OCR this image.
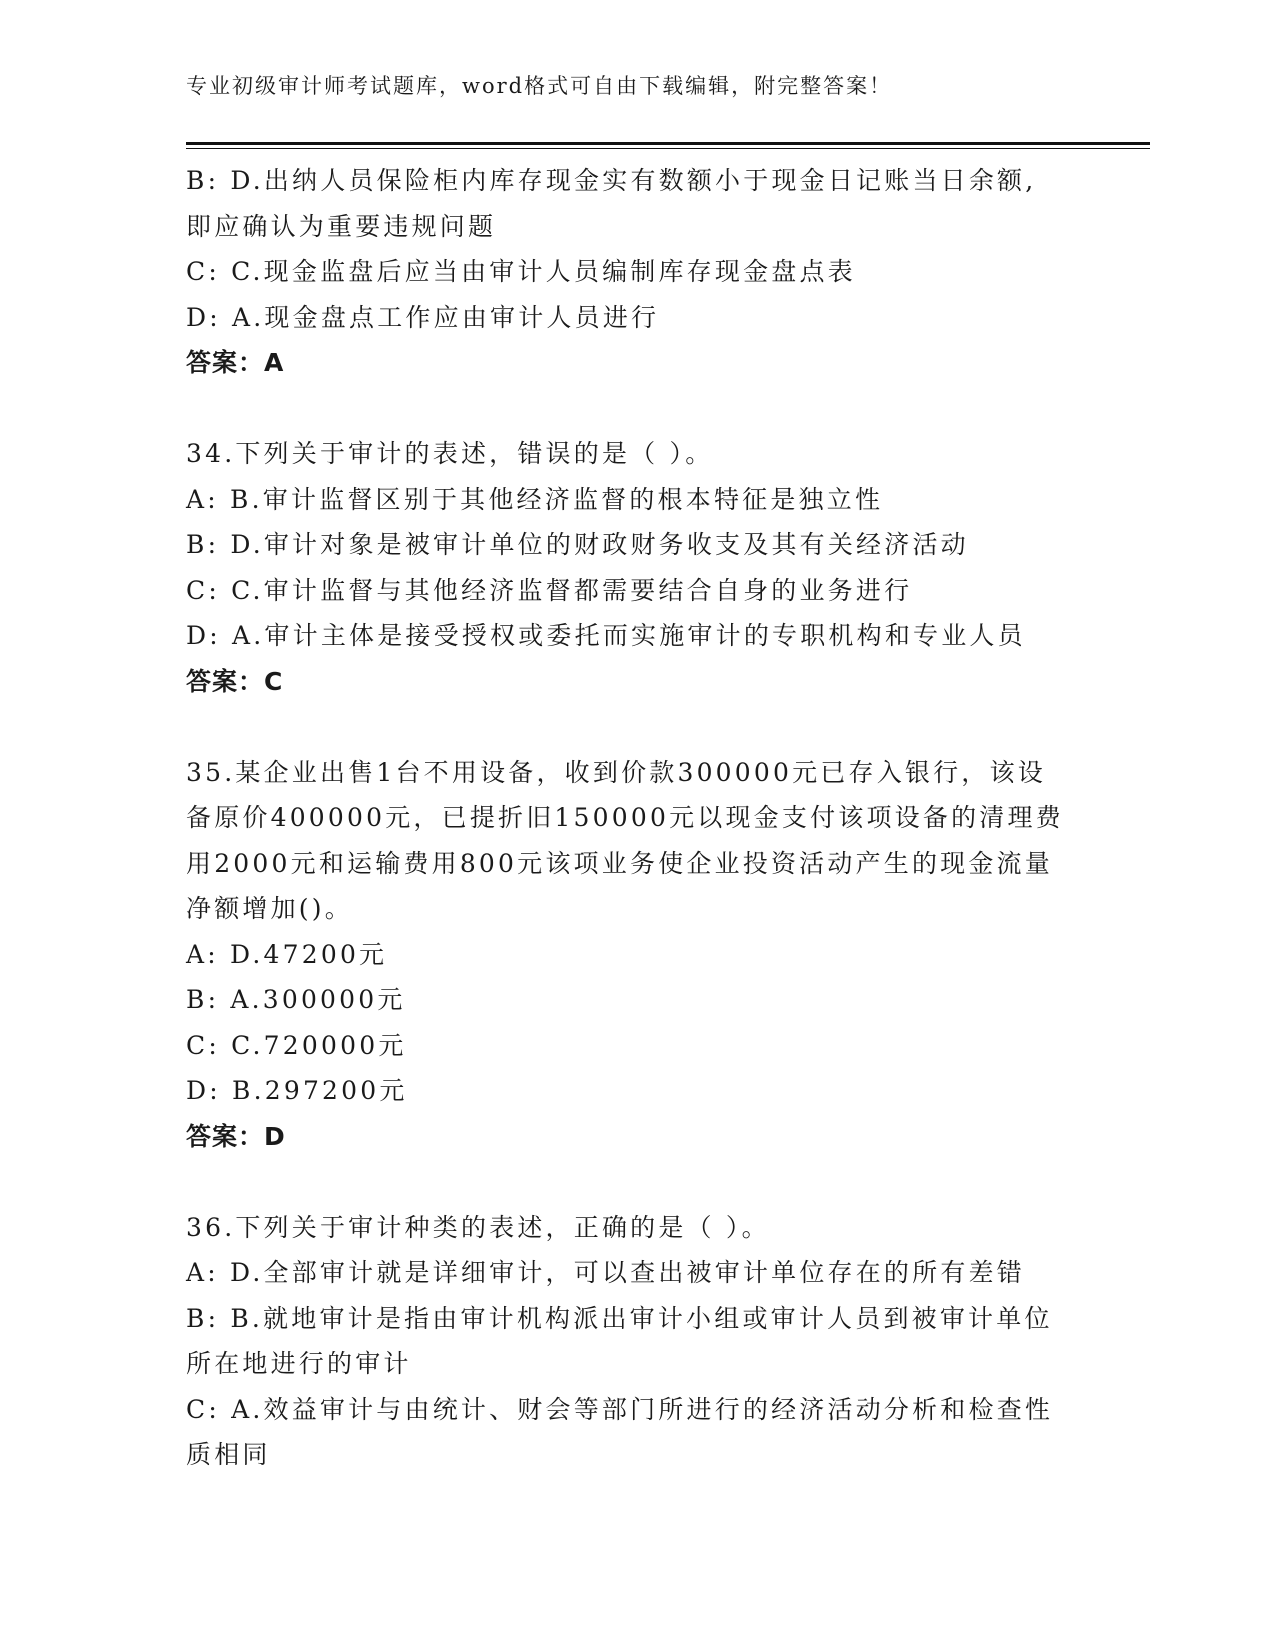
专业初级审计师考试题库，word格式可自由下载编辑，附完整答案！
B: D.出纳人员保险柜内库存现金实有数额小于现金日记账当日余额,
即应确认为重要违规问题
C: C.现金监盘后应当由审计人员编制库存现金盘点表
D: A.现金盘点工作应由审计人员进行
答案：A
34.下列关于审计的表述，错误的是（ ）。
A: B.审计监督区别于其他经济监督的根本特征是独立性
B: D.审计对象是被审计单位的财政财务收支及其有关经济活动
C: C.审计监督与其他经济监督都需要结合自身的业务进行
D: A.审计主体是接受授权或委托而实施审计的专职机构和专业人员
答案：C
35.某企业出售1台不用设备，收到价款300000元已存入银行，该设
备原价400000元，已提折旧150000元以现金支付该项设备的清理费
用2000元和运输费用800元该项业务使企业投资活动产生的现金流量
净额增加()。
A: D.47200元
B: A.300000元
C: C.720000元
D: B.297200元
答案：D
36.下列关于审计种类的表述，正确的是（ ）。
A: D.全部审计就是详细审计，可以查出被审计单位存在的所有差错
B: B.就地审计是指由审计机构派出审计小组或审计人员到被审计单位
所在地进行的审计
C: A.效益审计与由统计、财会等部门所进行的经济活动分析和检查性
质相同
